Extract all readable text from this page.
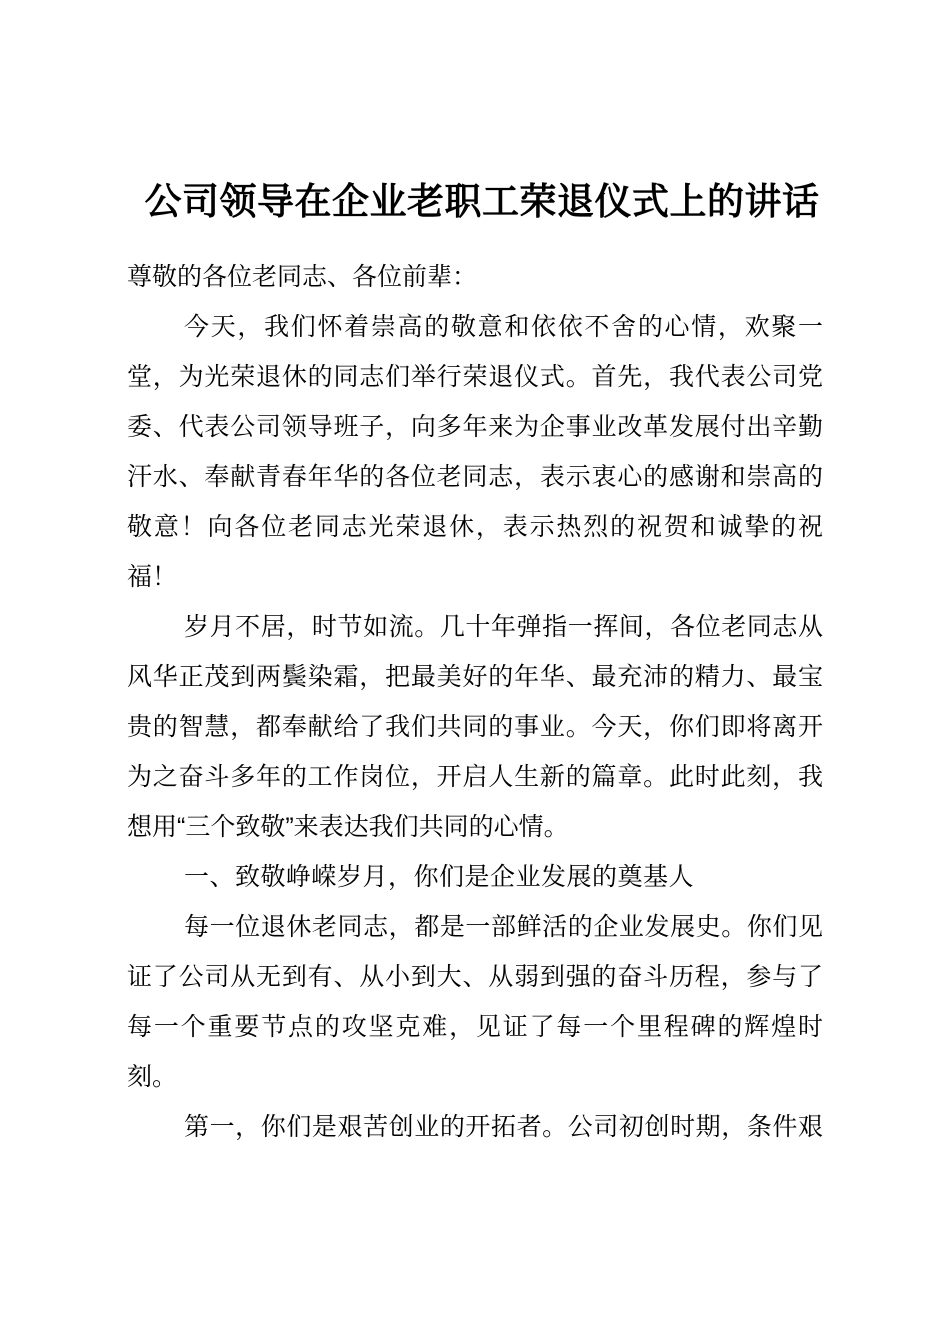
公司领导在企业老职工荣退仪式上的讲话
尊敬的各位老同志、各位前辈：
今天，我们怀着崇高的敬意和依依不舍的心情，欢聚一
堂，为光荣退休的同志们举行荣退仪式。首先，我代表公司党
委、代表公司领导班子，向多年来为企事业改革发展付出辛勤
汗水、奉献青春年华的各位老同志，表示衷心的感谢和崇高的
敬意！向各位老同志光荣退休，表示热烈的祝贺和诚挚的祝
福！
岁月不居，时节如流。几十年弹指一挥间，各位老同志从
风华正茂到两鬓染霜，把最美好的年华、最充沛的精力、最宝
贵的智慧，都奉献给了我们共同的事业。今天，你们即将离开
为之奋斗多年的工作岗位，开启人生新的篇章。此时此刻，我
想用“三个致敬”来表达我们共同的心情。
一、致敬峥嵘岁月，你们是企业发展的奠基人
每一位退休老同志，都是一部鲜活的企业发展史。你们见
证了公司从无到有、从小到大、从弱到强的奋斗历程，参与了
每一个重要节点的攻坚克难，见证了每一个里程碑的辉煌时
刻。
第一，你们是艰苦创业的开拓者。公司初创时期，条件艰
